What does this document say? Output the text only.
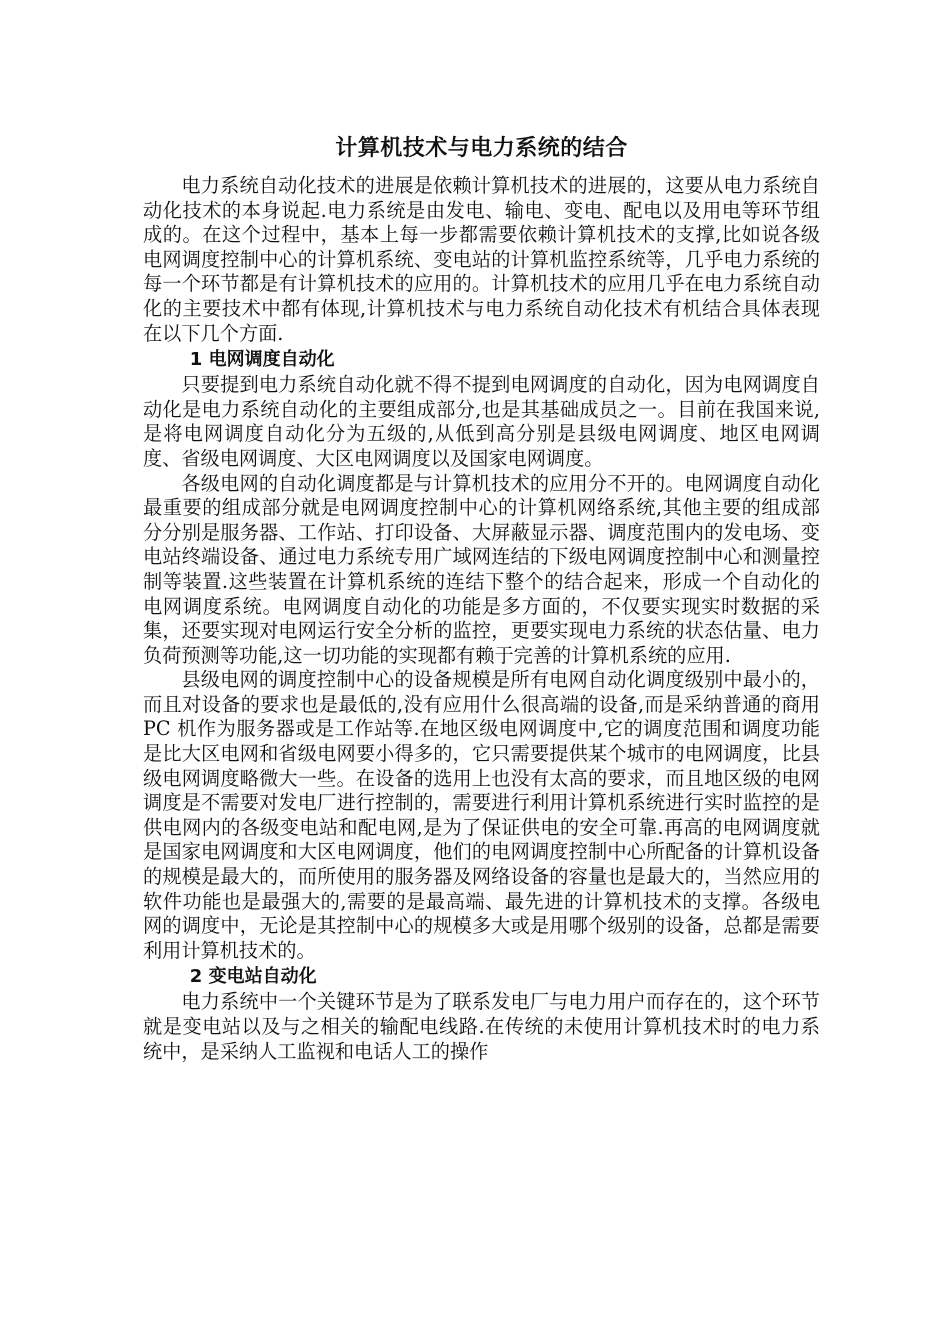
计算机技术与电力系统的结合

电力系统自动化技术的进展是依赖计算机技术的进展的，这要从电力系统自动化技术的本身说起.电力系统是由发电、输电、变电、配电以及用电等环节组成的。在这个过程中，基本上每一步都需要依赖计算机技术的支撑,比如说各级电网调度控制中心的计算机系统、变电站的计算机监控系统等，几乎电力系统的每一个环节都是有计算机技术的应用的。计算机技术的应用几乎在电力系统自动化的主要技术中都有体现,计算机技术与电力系统自动化技术有机结合具体表现在以下几个方面.

1 电网调度自动化

只要提到电力系统自动化就不得不提到电网调度的自动化，因为电网调度自动化是电力系统自动化的主要组成部分,也是其基础成员之一。目前在我国来说,是将电网调度自动化分为五级的,从低到高分别是县级电网调度、地区电网调度、省级电网调度、大区电网调度以及国家电网调度。

各级电网的自动化调度都是与计算机技术的应用分不开的。电网调度自动化最重要的组成部分就是电网调度控制中心的计算机网络系统,其他主要的组成部分分别是服务器、工作站、打印设备、大屏蔽显示器、调度范围内的发电场、变电站终端设备、通过电力系统专用广域网连结的下级电网调度控制中心和测量控制等装置.这些装置在计算机系统的连结下整个的结合起来，形成一个自动化的电网调度系统。电网调度自动化的功能是多方面的，不仅要实现实时数据的采集，还要实现对电网运行安全分析的监控，更要实现电力系统的状态估量、电力负荷预测等功能,这一切功能的实现都有赖于完善的计算机系统的应用.

县级电网的调度控制中心的设备规模是所有电网自动化调度级别中最小的，而且对设备的要求也是最低的,没有应用什么很高端的设备,而是采纳普通的商用 PC 机作为服务器或是工作站等.在地区级电网调度中,它的调度范围和调度功能是比大区电网和省级电网要小得多的，它只需要提供某个城市的电网调度，比县级电网调度略微大一些。在设备的选用上也没有太高的要求，而且地区级的电网调度是不需要对发电厂进行控制的，需要进行利用计算机系统进行实时监控的是供电网内的各级变电站和配电网,是为了保证供电的安全可靠.再高的电网调度就是国家电网调度和大区电网调度，他们的电网调度控制中心所配备的计算机设备的规模是最大的，而所使用的服务器及网络设备的容量也是最大的，当然应用的软件功能也是最强大的,需要的是最高端、最先进的计算机技术的支撑。各级电网的调度中，无论是其控制中心的规模多大或是用哪个级别的设备，总都是需要利用计算机技术的。

2 变电站自动化

电力系统中一个关键环节是为了联系发电厂与电力用户而存在的，这个环节就是变电站以及与之相关的输配电线路.在传统的未使用计算机技术时的电力系统中，是采纳人工监视和电话人工的操作
